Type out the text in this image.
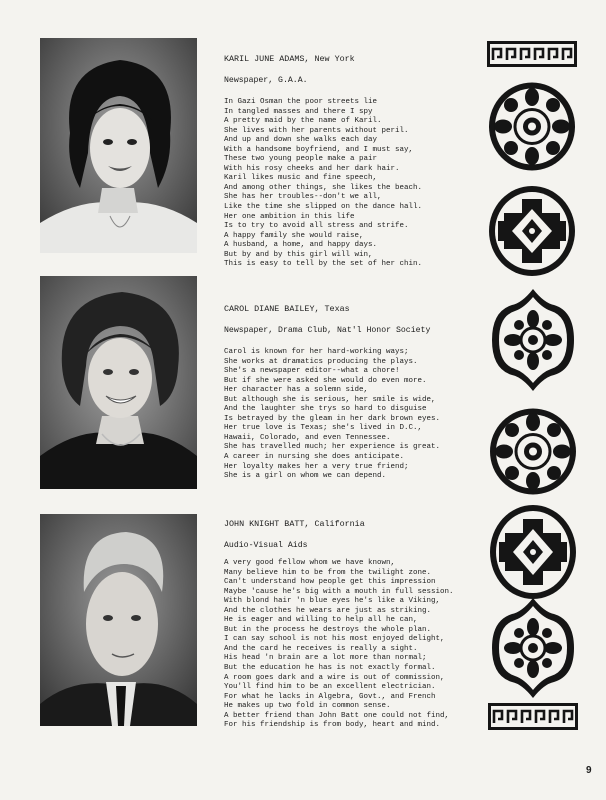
KARIL JUNE ADAMS, New York

Newspaper, G.A.A.

In Gazi Osman the poor streets lie
In tangled masses and there I spy
A pretty maid by the name of Karil.
She lives with her parents without peril.
And up and down she walks each day
With a handsome boyfriend, and I must say,
These two young people make a pair
With his rosy cheeks and her dark hair.
Karil likes music and fine speech,
And among other things, she likes the beach.
She has her troubles--don't we all,
Like the time she slipped on the dance hall.
Her one ambition in this life
Is to try to avoid all stress and strife.
A happy family she would raise,
A husband, a home, and happy days.
But by and by this girl will win,
This is easy to tell by the set of her chin.

CAROL DIANE BAILEY, Texas

Newspaper, Drama Club, Nat'l Honor Society

Carol is known for her hard-working ways;
She works at dramatics producing the plays.
She's a newspaper editor--what a chore!
But if she were asked she would do even more.
Her character has a solemn side,
But although she is serious, her smile is wide,
And the laughter she trys so hard to disguise
Is betrayed by the gleam in her dark brown eyes.
Her true love is Texas; she's lived in D.C.,
Hawaii, Colorado, and even Tennessee.
She has travelled much; her experience is great.
A career in nursing she does anticipate.
Her loyalty makes her a very true friend;
She is a girl on whom we can depend.

JOHN KNIGHT BATT, California

Audio-Visual Aids

A very good fellow whom we have known,
Many believe him to be from the twilight zone.
Can't understand how people get this impression
Maybe 'cause he's big with a mouth in full session.
With blond hair 'n blue eyes he's like a Viking,
And the clothes he wears are just as striking.
He is eager and willing to help all he can,
But in the process he destroys the whole plan.
I can say school is not his most enjoyed delight,
And the card he receives is really a sight.
His head 'n brain are a lot more than normal;
But the education he has is not exactly formal.
A room goes dark and a wire is out of commission,
You'll find him to be an excellent electrician.
For what he lacks in Algebra, Govt., and French
He makes up two fold in common sense.
A better friend than John Batt one could not find,
For his friendship is from body, heart and mind.
9
